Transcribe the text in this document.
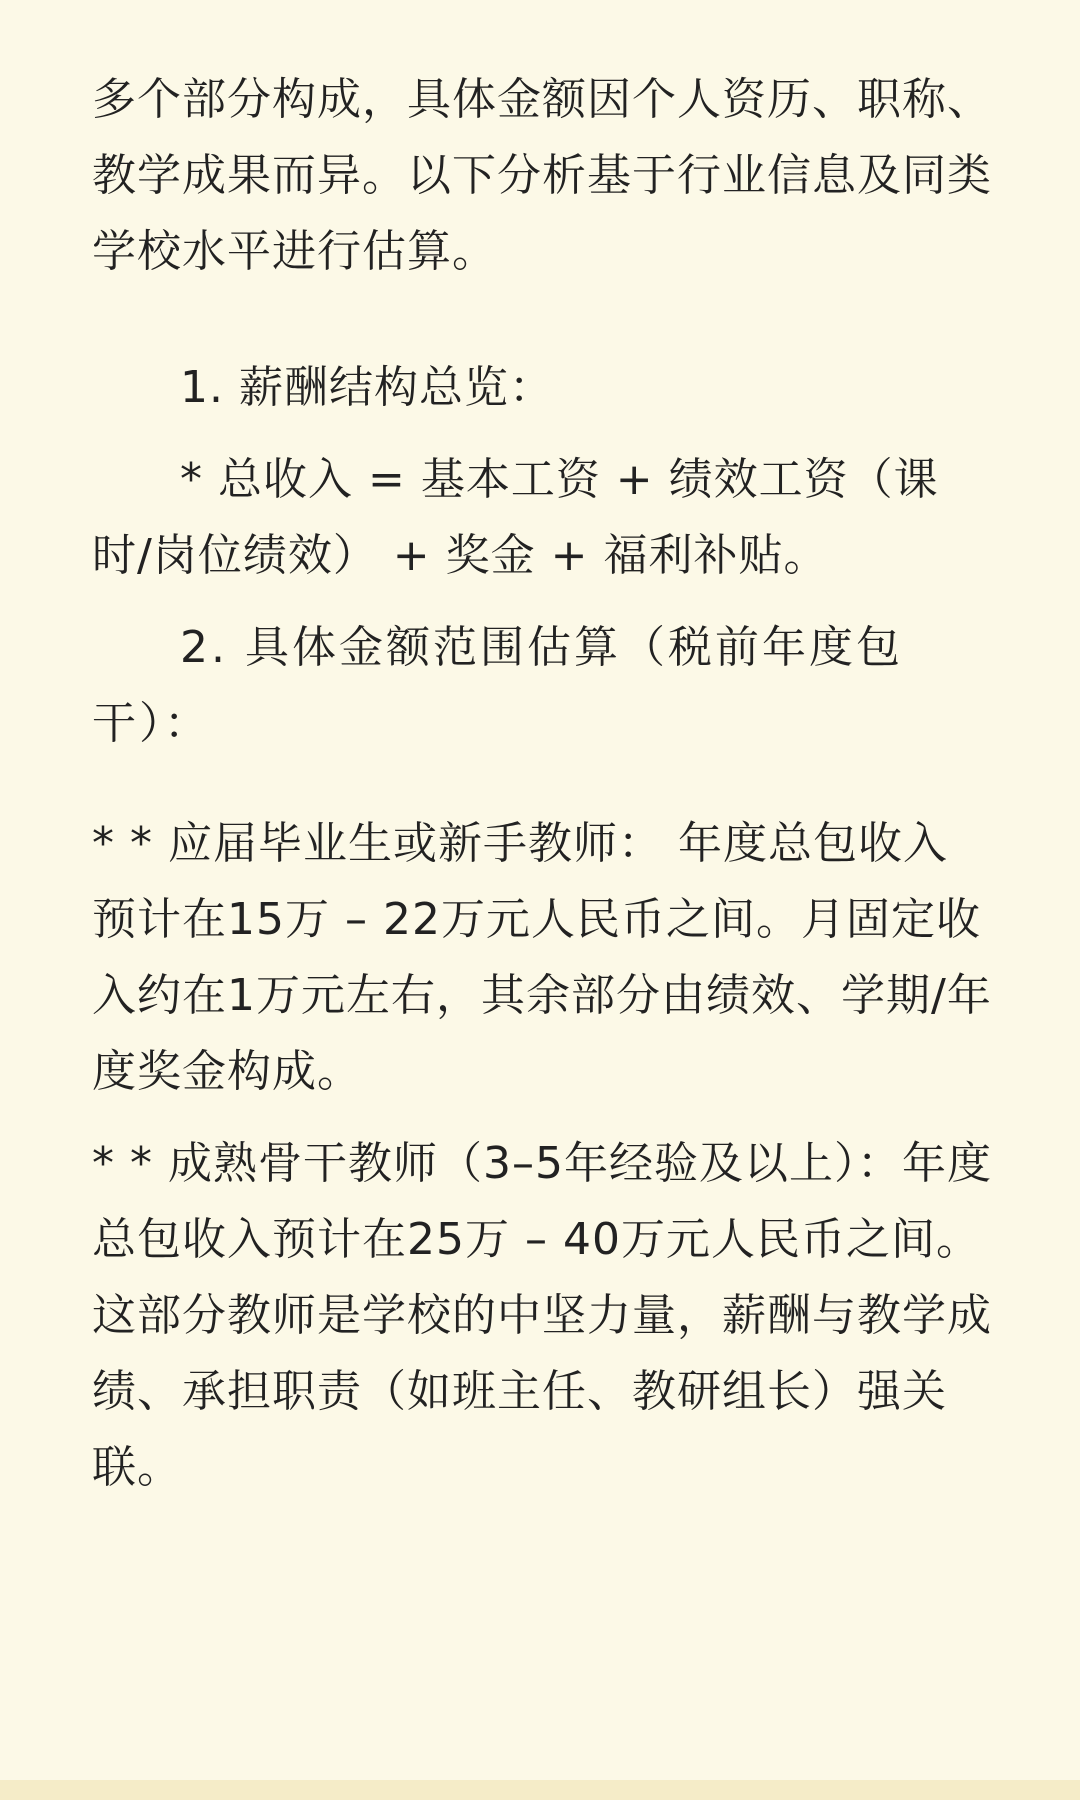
多个部分构成，具体金额因个人资历、职称、教学成果而异。以下分析基于行业信息及同类学校水平进行估算。

1. 薪酬结构总览：

* 总收入 = 基本工资 + 绩效工资（课时/岗位绩效） + 奖金 + 福利补贴。

2. 具体金额范围估算（税前年度包干）：

* * 应届毕业生或新手教师： 年度总包收入预计在15万 – 22万元人民币之间。月固定收入约在1万元左右，其余部分由绩效、学期/年度奖金构成。

* * 成熟骨干教师（3–5年经验及以上）：年度总包收入预计在25万 – 40万元人民币之间。这部分教师是学校的中坚力量，薪酬与教学成绩、承担职责（如班主任、教研组长）强关联。
